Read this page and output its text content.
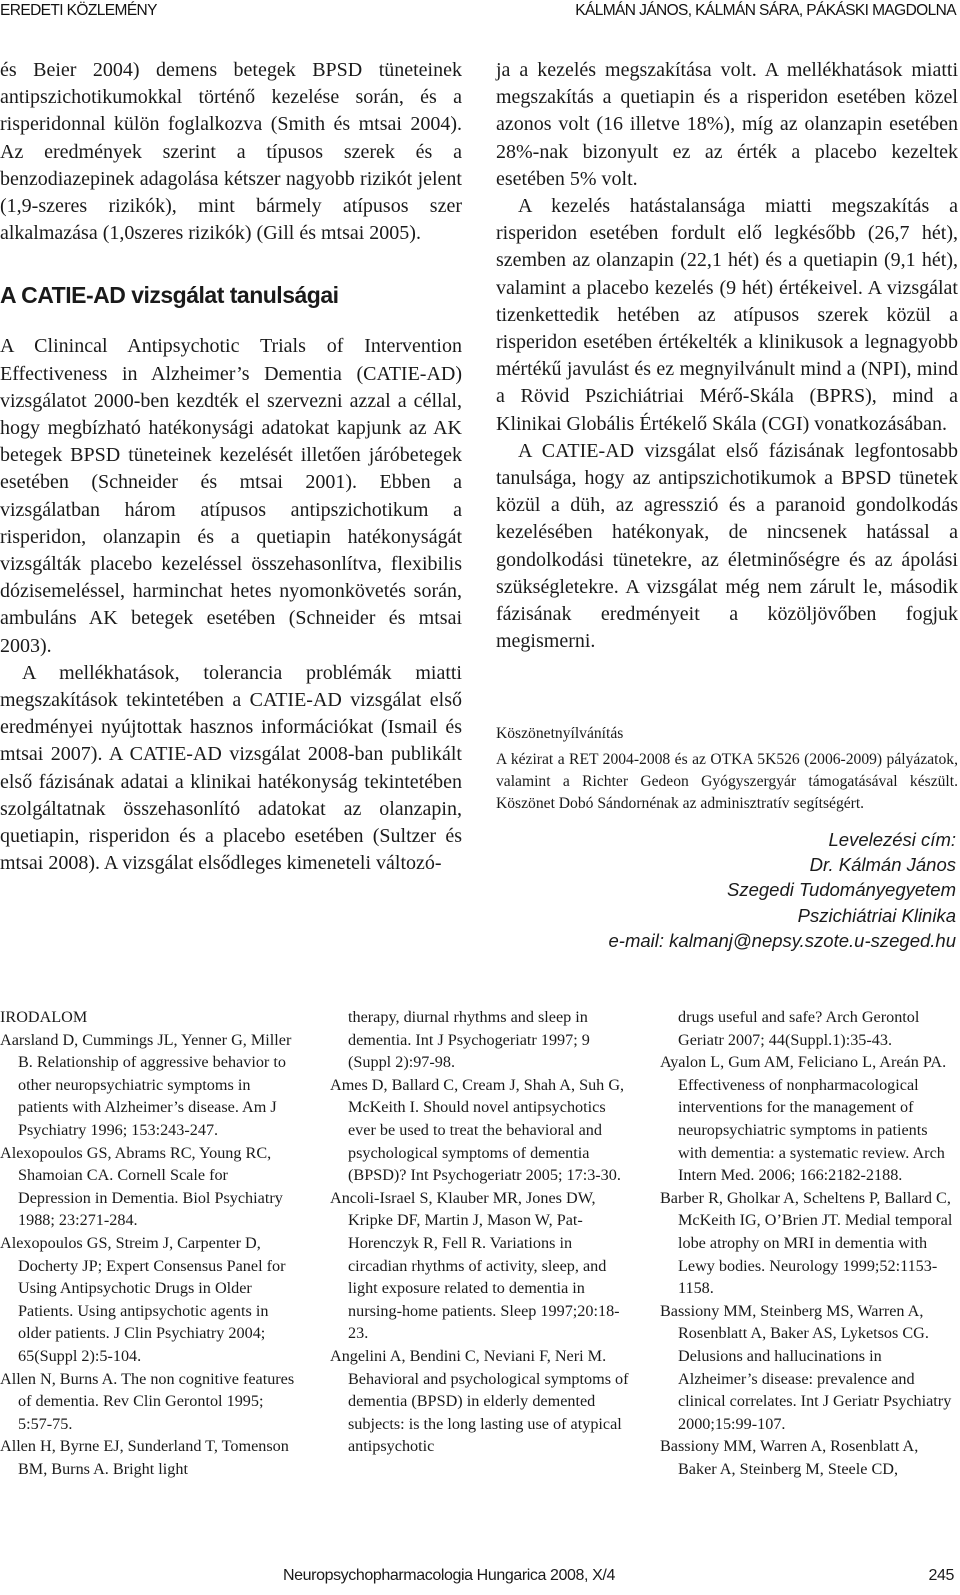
EREDETI KÖZLEMÉNY	KÁLMÁN JÁNOS, KÁLMÁN SÁRA, PÁKÁSKI MAGDOLNA

és Beier 2004) demens betegek BPSD tüneteinek antipszichotikumokkal történő kezelése során, és a risperidonnal külön foglalkozva (Smith és mtsai 2004). Az eredmények szerint a típusos szerek és a benzodiazepinek adagolása kétszer nagyobb rizikót jelent (1,9-szeres rizikók), mint bármely atípusos szer alkalmazása (1,0szeres rizikók) (Gill és mtsai 2005).

A CATIE-AD vizsgálat tanulságai

A Clinincal Antipsychotic Trials of Intervention Effectiveness in Alzheimer’s Dementia (CATIE-AD) vizsgálatot 2000-ben kezdték el szervezni azzal a céllal, hogy megbízható hatékonysági adatokat kapjunk az AK betegek BPSD tüneteinek kezelését illetően járóbetegek esetében (Schneider és mtsai 2001). Ebben a vizsgálatban három atípusos antipszichotikum a risperidon, olanzapin és a quetiapin hatékonyságát vizsgálták placebo kezeléssel összehasonlítva, flexibilis dózisemeléssel, harminchat hetes nyomonkövetés során, ambuláns AK betegek esetében (Schneider és mtsai 2003).

A mellékhatások, tolerancia problémák miatti megszakítások tekintetében a CATIE-AD vizsgálat első eredményei nyújtottak hasznos információkat (Ismail és mtsai 2007). A CATIE-AD vizsgálat 2008-ban publikált első fázisának adatai a klinikai hatékonyság tekintetében szolgáltatnak összehasonlító adatokat az olanzapin, quetiapin, risperidon és a placebo esetében (Sultzer és mtsai 2008). A vizsgálat elsődleges kimeneteli változó-

ja a kezelés megszakítása volt. A mellékhatások miatti megszakítás a quetiapin és a risperidon esetében közel azonos volt (16 illetve 18%), míg az olanzapin esetében 28%-nak bizonyult ez az érték a placebo kezeltek esetében 5% volt.

A kezelés hatástalansága miatti megszakítás a risperidon esetében fordult elő legkésőbb (26,7 hét), szemben az olanzapin (22,1 hét) és a quetiapin (9,1 hét), valamint a placebo kezelés (9 hét) értékeivel. A vizsgálat tizenkettedik hetében az atípusos szerek közül a risperidon esetében értékelték a klinikusok a legnagyobb mértékű javulást és ez megnyilvánult mind a (NPI), mind a Rövid Pszichiátriai Mérő-Skála (BPRS), mind a Klinikai Globális Értékelő Skála (CGI) vonatkozásában.

A CATIE-AD vizsgálat első fázisának legfontosabb tanulsága, hogy az antipszichotikumok a BPSD tünetek közül a düh, az agresszió és a paranoid gondolkodás kezelésében hatékonyak, de nincsenek hatással a gondolkodási tünetekre, az életminőségre és az ápolási szükségletekre. A vizsgálat még nem zárult le, második fázisának eredményeit a közöljövőben fogjuk megismerni.

Köszönetnyílvánítás

A kézirat a RET 2004-2008 és az OTKA 5K526 (2006-2009) pályázatok, valamint a Richter Gedeon Gyógyszergyár támogatásával készült. Köszönet Dobó Sándornénak az adminisztratív segítségért.

Levelezési cím:
Dr. Kálmán János
Szegedi Tudományegyetem
Pszichiátriai Klinika
e-mail: kalmanj@nepsy.szote.u-szeged.hu

IRODALOM

Aarsland D, Cummings JL, Yenner G, Miller B. Relationship of aggressive behavior to other neuropsychiatric symptoms in patients with Alzheimer’s disease. Am J Psychiatry 1996; 153:243-247.

Alexopoulos GS, Abrams RC, Young RC, Shamoian CA. Cornell Scale for Depression in Dementia. Biol Psychiatry 1988; 23:271-284.

Alexopoulos GS, Streim J, Carpenter D, Docherty JP; Expert Consensus Panel for Using Antipsychotic Drugs in Older Patients. Using antipsychotic agents in older patients. J Clin Psychiatry 2004; 65(Suppl 2):5-104.

Allen N, Burns A. The non cognitive features of dementia. Rev Clin Gerontol 1995; 5:57-75.

Allen H, Byrne EJ, Sunderland T, Tomenson BM, Burns A. Bright light

therapy, diurnal rhythms and sleep in dementia. Int J Psychogeriatr 1997; 9 (Suppl 2):97-98.

Ames D, Ballard C, Cream J, Shah A, Suh G, McKeith I. Should novel antipsychotics ever be used to treat the behavioral and psychological symptoms of dementia (BPSD)? Int Psychogeriatr 2005; 17:3-30.

Ancoli-Israel S, Klauber MR, Jones DW, Kripke DF, Martin J, Mason W, Pat-Horenczyk R, Fell R. Variations in circadian rhythms of activity, sleep, and light exposure related to dementia in nursing-home patients. Sleep 1997;20:18-23.

Angelini A, Bendini C, Neviani F, Neri M. Behavioral and psychological symptoms of dementia (BPSD) in elderly demented subjects: is the long lasting use of atypical antipsychotic

drugs useful and safe? Arch Gerontol Geriatr 2007; 44(Suppl.1):35-43.

Ayalon L, Gum AM, Feliciano L, Areán PA. Effectiveness of nonpharmacological interventions for the management of neuropsychiatric symptoms in patients with dementia: a systematic review. Arch Intern Med. 2006; 166:2182-2188.

Barber R, Gholkar A, Scheltens P, Ballard C, McKeith IG, O’Brien JT. Medial temporal lobe atrophy on MRI in dementia with Lewy bodies. Neurology 1999;52:1153-1158.

Bassiony MM, Steinberg MS, Warren A, Rosenblatt A, Baker AS, Lyketsos CG. Delusions and hallucinations in Alzheimer’s disease: prevalence and clinical correlates. Int J Geriatr Psychiatry 2000;15:99-107.

Bassiony MM, Warren A, Rosenblatt A, Baker A, Steinberg M, Steele CD,

Neuropsychopharmacologia Hungarica 2008, X/4	245
